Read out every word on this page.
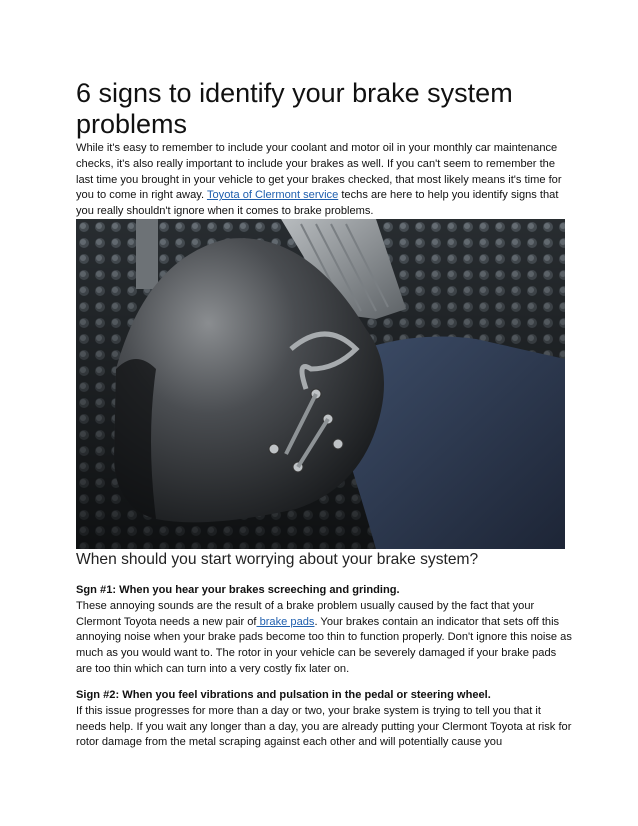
6 signs to identify your brake system problems

While it's easy to remember to include your coolant and motor oil in your monthly car maintenance checks, it's also really important to include your brakes as well. If you can't seem to remember the last time you brought in your vehicle to get your brakes checked, that most likely means it's time for you to come in right away. Toyota of Clermont service techs are here to help you identify signs that you really shouldn't ignore when it comes to brake problems.

When should you start worrying about your brake system?
Sgn #1: When you hear your brakes screeching and grinding.

These annoying sounds are the result of a brake problem usually caused by the fact that your Clermont Toyota needs a new pair of brake pads. Your brakes contain an indicator that sets off this annoying noise when your brake pads become too thin to function properly. Don't ignore this noise as much as you would want to. The rotor in your vehicle can be severely damaged if your brake pads are too thin which can turn into a very costly fix later on.

Sign #2: When you feel vibrations and pulsation in the pedal or steering wheel.

If this issue progresses for more than a day or two, your brake system is trying to tell you that it needs help. If you wait any longer than a day, you are already putting your Clermont Toyota at risk for rotor damage from the metal scraping against each other and will potentially cause you
